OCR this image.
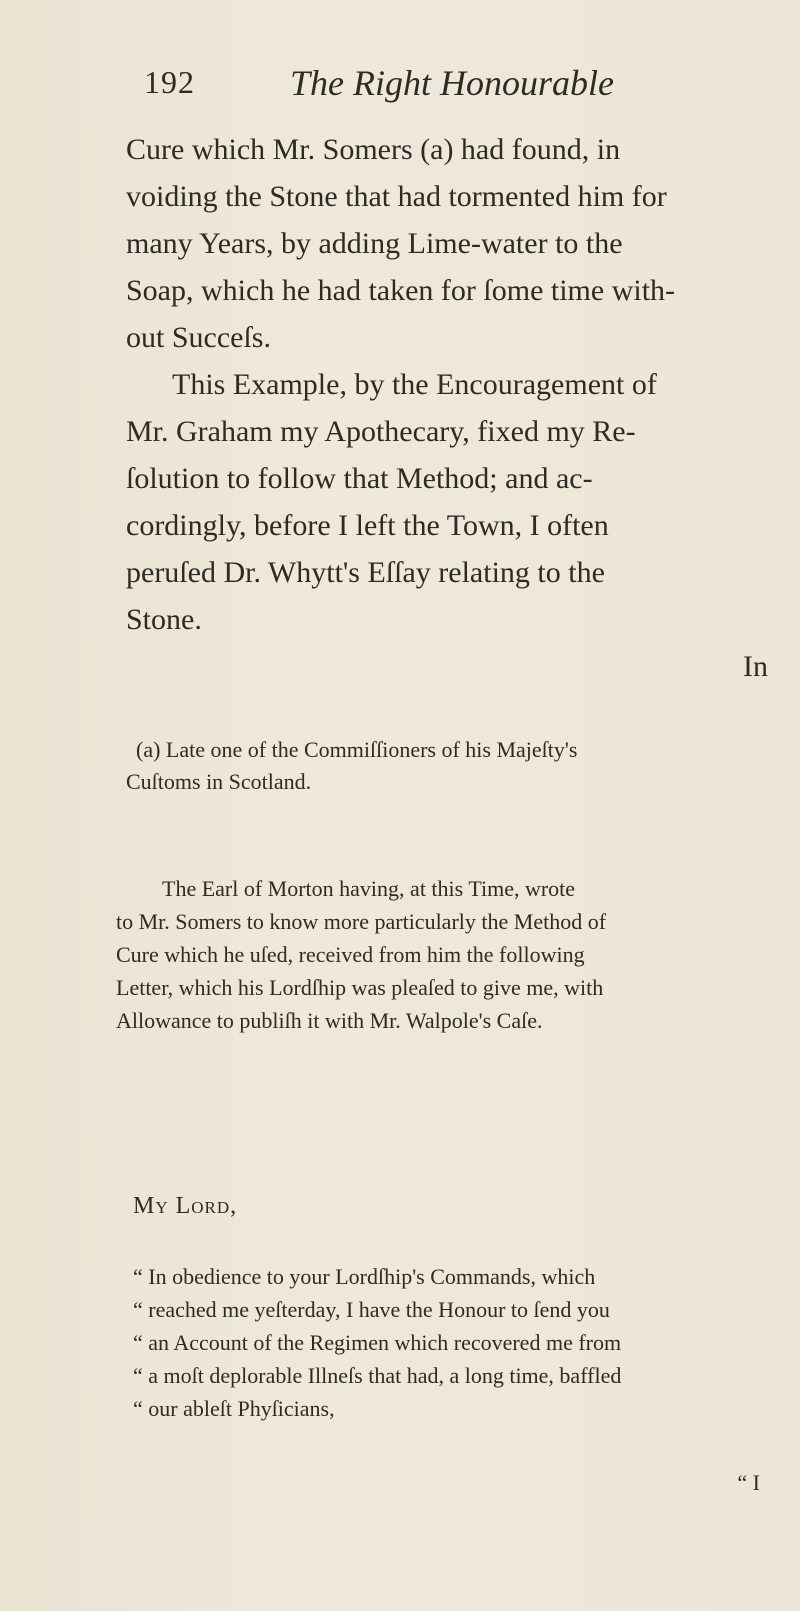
192	The Right Honourable
Cure which Mr. Somers (a) had found, in
voiding the Stone that had tormented him for
many Years, by adding Lime-water to the
Soap, which he had taken for ſome time with-
out Succeſs.
This Example, by the Encouragement of
Mr. Graham my Apothecary, fixed my Re-
ſolution to follow that Method; and ac-
cordingly, before I left the Town, I often
peruſed Dr. Whytt's Eſſay relating to the
Stone.
In
(a) Late one of the Commiſſioners of his Majeſty's
Cuſtoms in Scotland.
The Earl of Morton having, at this Time, wrote
to Mr. Somers to know more particularly the Method of
Cure which he uſed, received from him the following
Letter, which his Lordſhip was pleaſed to give me, with
Allowance to publiſh it with Mr. Walpole's Caſe.
My Lord,
“ In obedience to your Lordſhip's Commands, which
“ reached me yeſterday, I have the Honour to ſend you
“ an Account of the Regimen which recovered me from
“ a moſt deplorable Illneſs that had, a long time, baffled
“ our ableſt Phyſicians,
“ I
